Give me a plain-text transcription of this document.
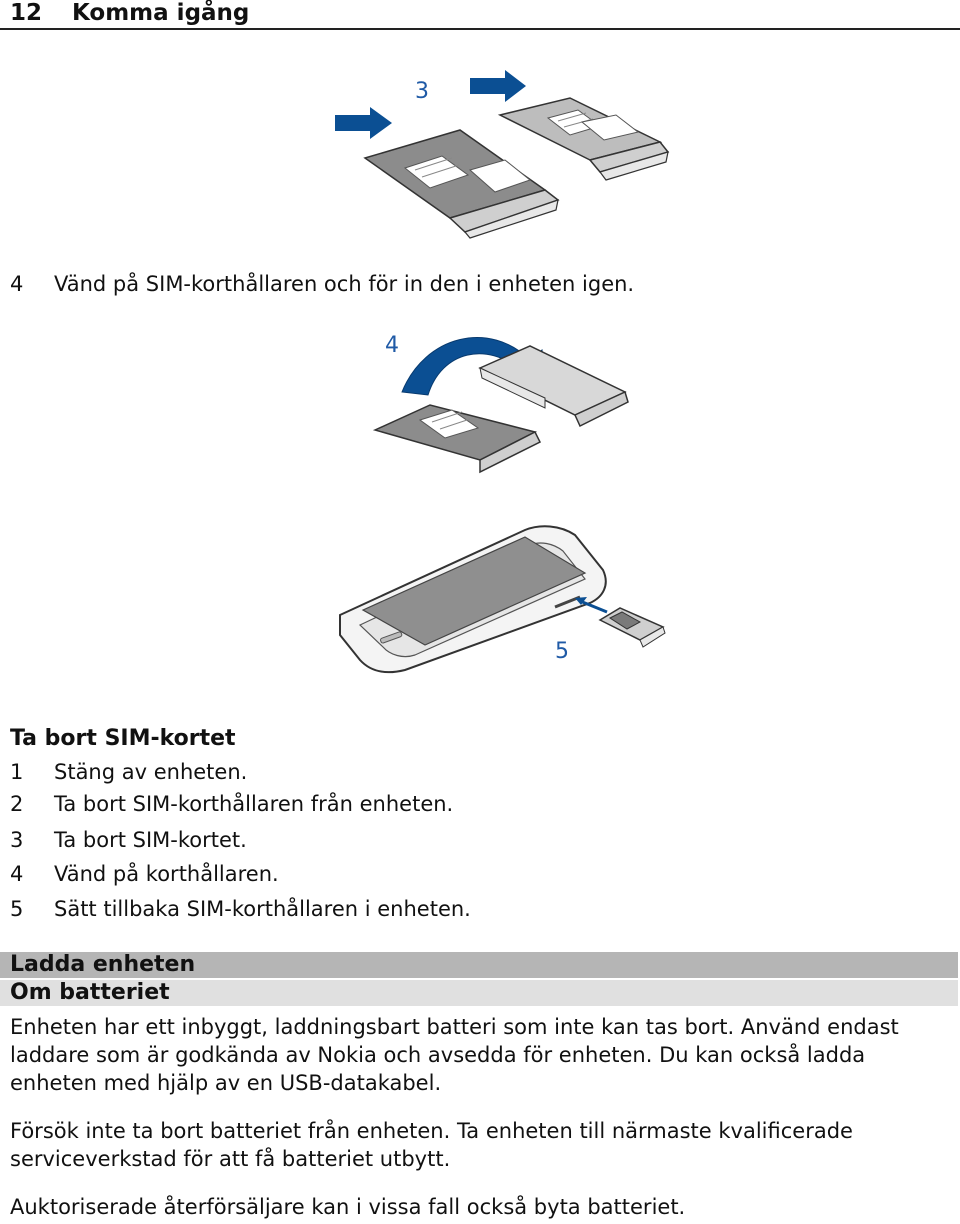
12 Komma igång
3
4 Vänd på SIM-korthållaren och för in den i enheten igen.
4
5
Ta bort SIM-kortet
1 Stäng av enheten.
2 Ta bort SIM-korthållaren från enheten.
3 Ta bort SIM-kortet.
4 Vänd på korthållaren.
5 Sätt tillbaka SIM-korthållaren i enheten.
Ladda enheten
Om batteriet
Enheten har ett inbyggt, laddningsbart batteri som inte kan tas bort. Använd endast laddare som är godkända av Nokia och avsedda för enheten. Du kan också ladda enheten med hjälp av en USB-datakabel.
Försök inte ta bort batteriet från enheten. Ta enheten till närmaste kvalificerade serviceverkstad för att få batteriet utbytt.
Auktoriserade återförsäljare kan i vissa fall också byta batteriet.
